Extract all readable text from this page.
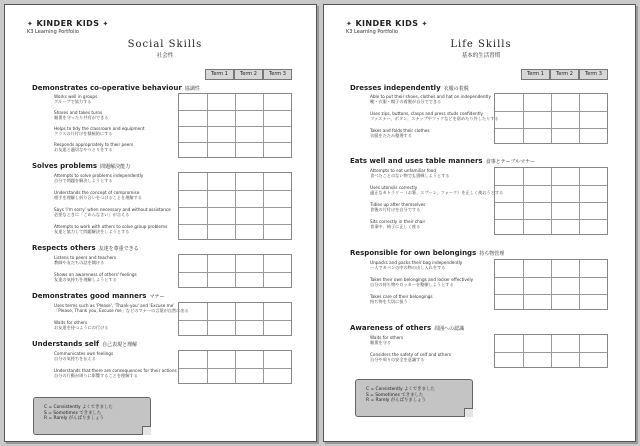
✦ KINDER KIDS ✦
K3 Learning Portfolio
Social Skills
社会性
Term 1	Term 2	Term 3
Demonstrates co-operative behaviour 協調性
Works well in groups
グループで協力する
Shares and takes turns
順番を守ったり共有ができる
Helps to tidy the classroom and equipment
クラスの片付けを積極的にする
Responds appropriately to their peers
お友達と適切なやりとりをする
Solves problems 問題解決能力
Attempts to solve problems independently
自分で問題を解決しようとする
Understands the concept of compromise
相手を理解し折り合いをつけることを理解する
Says 'I'm sorry' when necessary and without assistance
必要なときに「ごめんなさい」が言える
Attempts to work with others to solve group problems
友達と協力して問題解決をしようとする
Respects others 友達を尊重できる
Listens to peers and teachers
教師や友だちの話を聞ける
Shows an awareness of others' feelings
友達の気持ちを理解しようとする
Demonstrates good manners マナー
Uses terms such as 'Please', 'Thank-you' and 'Excuse me'
「Please, Thank you, Excuse me」などのマナーの言葉が自然に出る
Waits for others
お友達を待つようにの行ける
Understands self 自己表現と理解
Communicates own feelings
自分の気持ちを伝える
Understands that there are consequences for their actions
自分の行動が周りに影響することを理解する
C = Consistently よくできました
S = Sometimes できました
R = Rarely がんばりましょう
✦ KINDER KIDS ✦
K3 Learning Portfolio
Life Skills
基本的生活習慣
Term 1	Term 2	Term 3
Dresses independently 衣服の着脱
Able to put their shoes, clothes and hat on independently
靴・衣服・帽子の着脱が自分でできる
Uses zips, buttons, clasps and press studs confidently
ファスナー、ボタン、スナップやフックなどを留めたり外したりする
Takes and folds their clothes
衣服をたたみ整理する
Eats well and uses table manners 食事とテーブルマナー
Attempts to eat unfamiliar food
食べたことのない物でも挑戦しようとする
Uses utensils correctly
適正なカトラリー（お箸、スプーン、フォーク）を正しく使おうとする
Tidies up after themselves
食後の片付けを自分でする
Sits correctly in their chair
食事中、椅子に正しく座る
Responsible for own belongings 持ち物管理
Unpacks and packs their bag independently
一人でカバンの中の物の出し入れをする
Takes their own belongings and locker effectively
自分の持ち物やロッカーを整頓しようとする
Takes care of their belongings
持ち物を大切に扱う
Awareness of others 周囲への認識
Waits for others
順番を守る
Considers the safety of self and others
自分や周りの安全を意識する
C = Consistently よくできました
S = Sometimes できました
R = Rarely がんばりましょう
